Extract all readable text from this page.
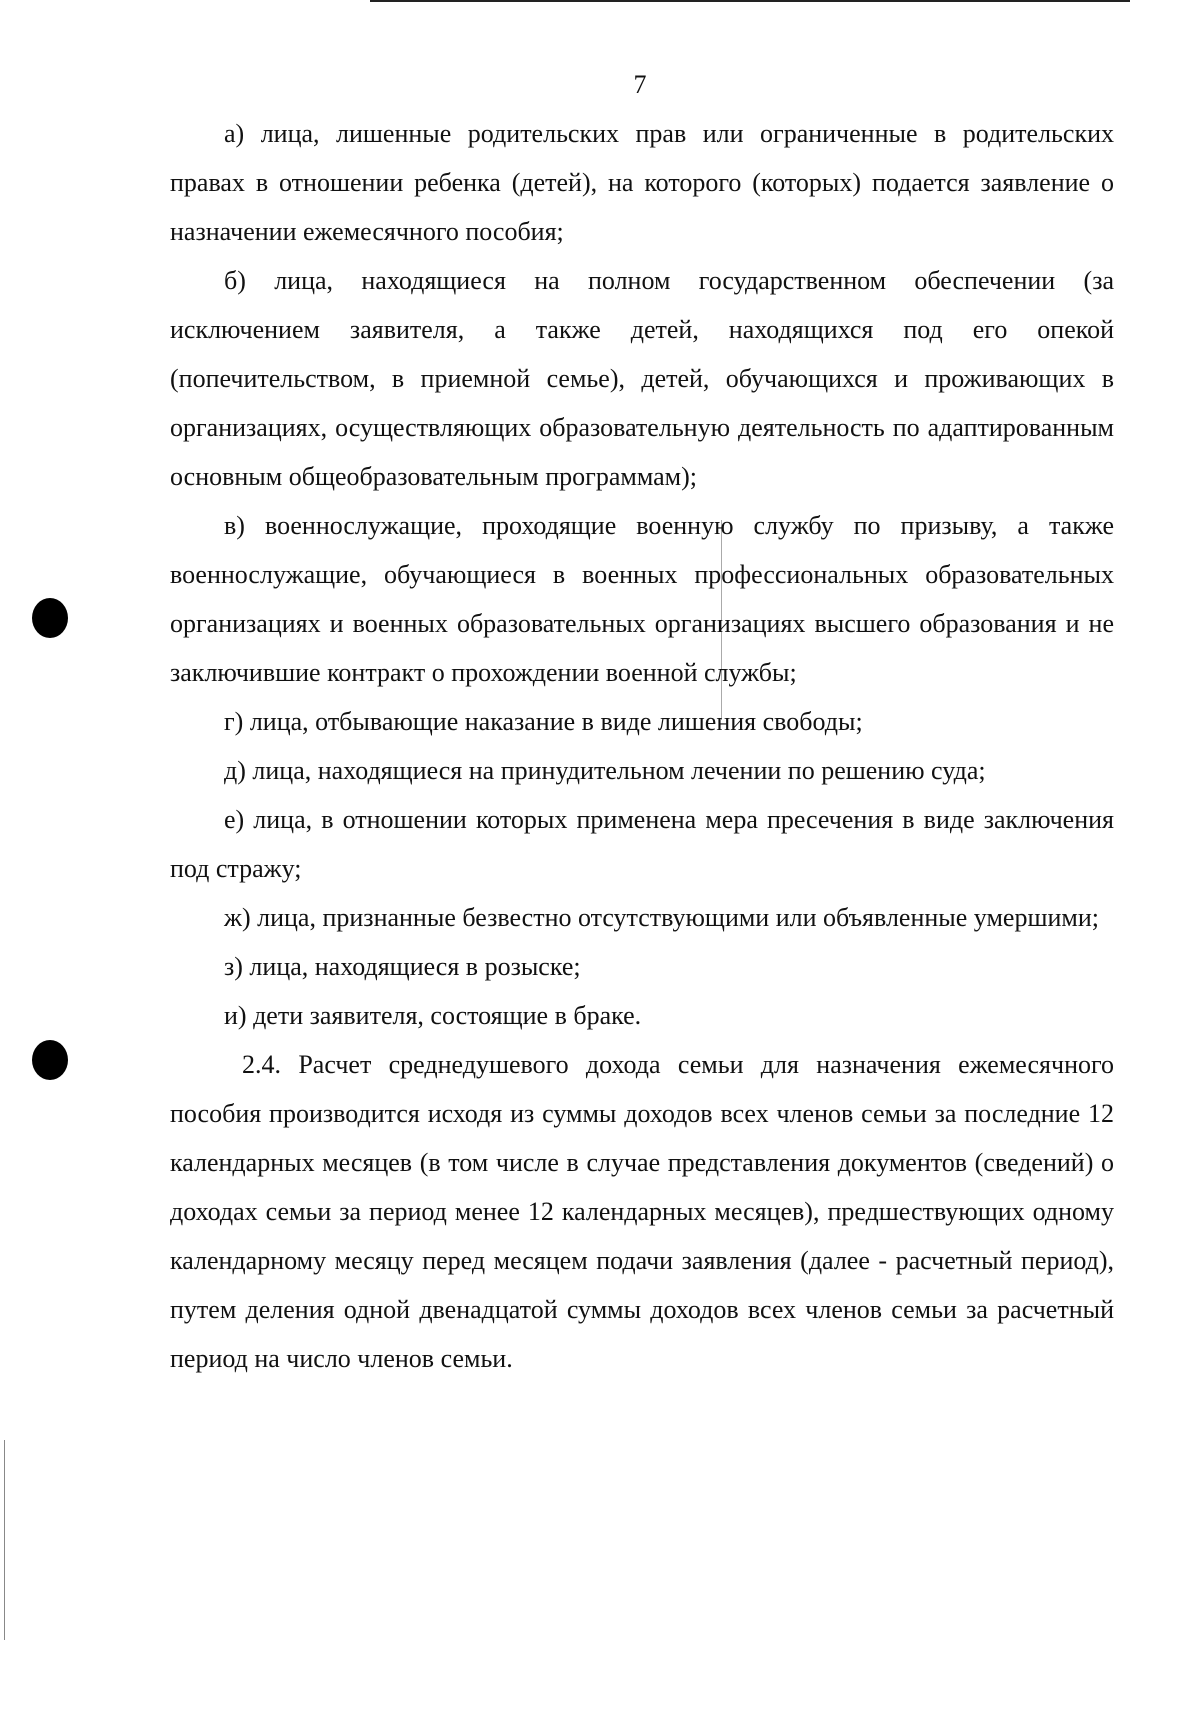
7

а) лица, лишенные родительских прав или ограниченные в родительских правах в отношении ребенка (детей), на которого (которых) подается заявление о назначении ежемесячного пособия;

б) лица, находящиеся на полном государственном обеспечении (за исключением заявителя, а также детей, находящихся под его опекой (попечительством, в приемной семье), детей, обучающихся и проживающих в организациях, осуществляющих образовательную деятельность по адаптированным основным общеобразовательным программам);

в) военнослужащие, проходящие военную службу по призыву, а также военнослужащие, обучающиеся в военных профессиональных образовательных организациях и военных образовательных организациях высшего образования и не заключившие контракт о прохождении военной службы;

г) лица, отбывающие наказание в виде лишения свободы;

д) лица, находящиеся на принудительном лечении по решению суда;

е) лица, в отношении которых применена мера пресечения в виде заключения под стражу;

ж) лица, признанные безвестно отсутствующими или объявленные умершими;

з) лица, находящиеся в розыске;

и) дети заявителя, состоящие в браке.

2.4. Расчет среднедушевого дохода семьи для назначения ежемесячного пособия производится исходя из суммы доходов всех членов семьи за последние 12 календарных месяцев (в том числе в случае представления документов (сведений) о доходах семьи за период менее 12 календарных месяцев), предшествующих одному календарному месяцу перед месяцем подачи заявления (далее - расчетный период), путем деления одной двенадцатой суммы доходов всех членов семьи за расчетный период на число членов семьи.
